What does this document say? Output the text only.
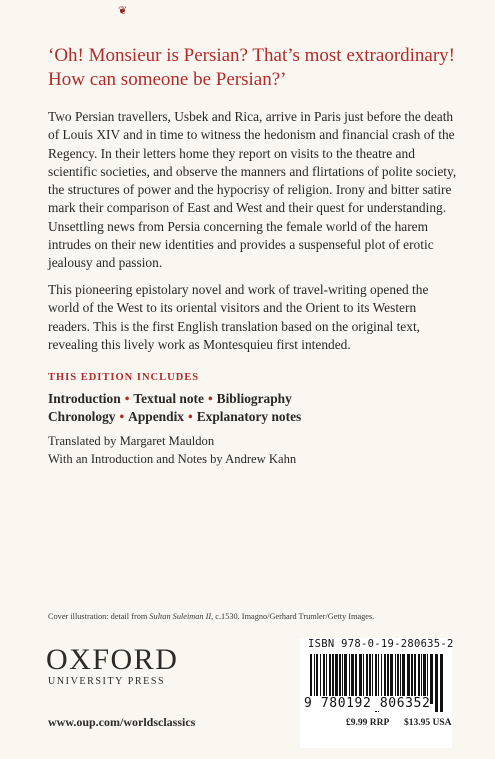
❦
‘Oh! Monsieur is Persian? That’s most extraordinary!
How can someone be Persian?’
Two Persian travellers, Usbek and Rica, arrive in Paris just before the death of Louis XIV and in time to witness the hedonism and financial crash of the Regency. In their letters home they report on visits to the theatre and scientific societies, and observe the manners and flirtations of polite society, the structures of power and the hypocrisy of religion. Irony and bitter satire mark their comparison of East and West and their quest for understanding. Unsettling news from Persia concerning the female world of the harem intrudes on their new identities and provides a suspenseful plot of erotic jealousy and passion.
This pioneering epistolary novel and work of travel-writing opened the world of the West to its oriental visitors and the Orient to its Western readers. This is the first English translation based on the original text, revealing this lively work as Montesquieu first intended.
THIS EDITION INCLUDES
Introduction • Textual note • Bibliography
Chronology • Appendix • Explanatory notes
Translated by Margaret Mauldon
With an Introduction and Notes by Andrew Kahn
Cover illustration: detail from Sultan Suleiman II, c.1530. Imagno/Gerhard Trumler/Getty Images.
OXFORD
UNIVERSITY PRESS
www.oup.com/worldsclassics
ISBN 978-0-19-280635-2
9 780192 806352
£9.99 RRP $13.95 USA
